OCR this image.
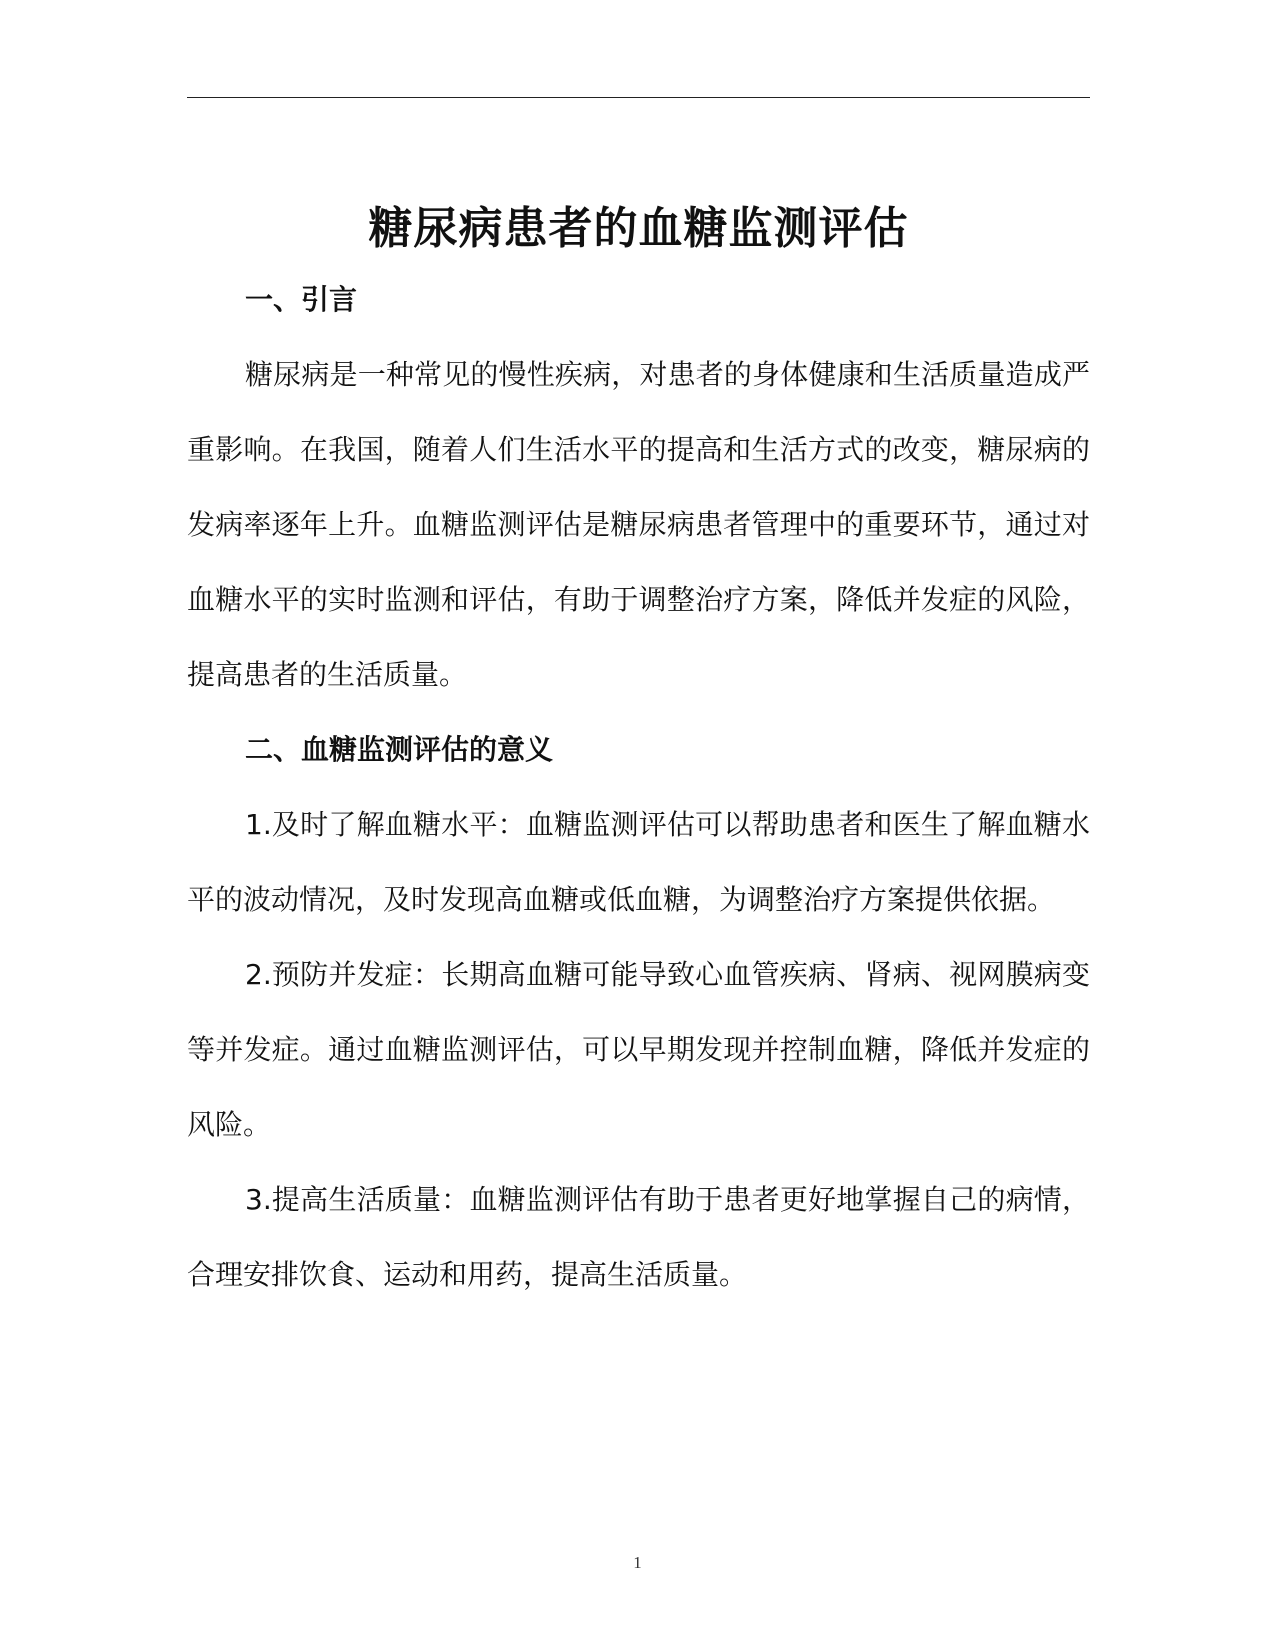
糖尿病患者的血糖监测评估
一、引言

糖尿病是一种常见的慢性疾病，对患者的身体健康和生活质量造成严重影响。在我国，随着人们生活水平的提高和生活方式的改变，糖尿病的发病率逐年上升。血糖监测评估是糖尿病患者管理中的重要环节，通过对血糖水平的实时监测和评估，有助于调整治疗方案，降低并发症的风险，提高患者的生活质量。

二、血糖监测评估的意义

1.及时了解血糖水平：血糖监测评估可以帮助患者和医生了解血糖水平的波动情况，及时发现高血糖或低血糖，为调整治疗方案提供依据。

2.预防并发症：长期高血糖可能导致心血管疾病、肾病、视网膜病变等并发症。通过血糖监测评估，可以早期发现并控制血糖，降低并发症的风险。

3.提高生活质量：血糖监测评估有助于患者更好地掌握自己的病情，合理安排饮食、运动和用药，提高生活质量。

1
